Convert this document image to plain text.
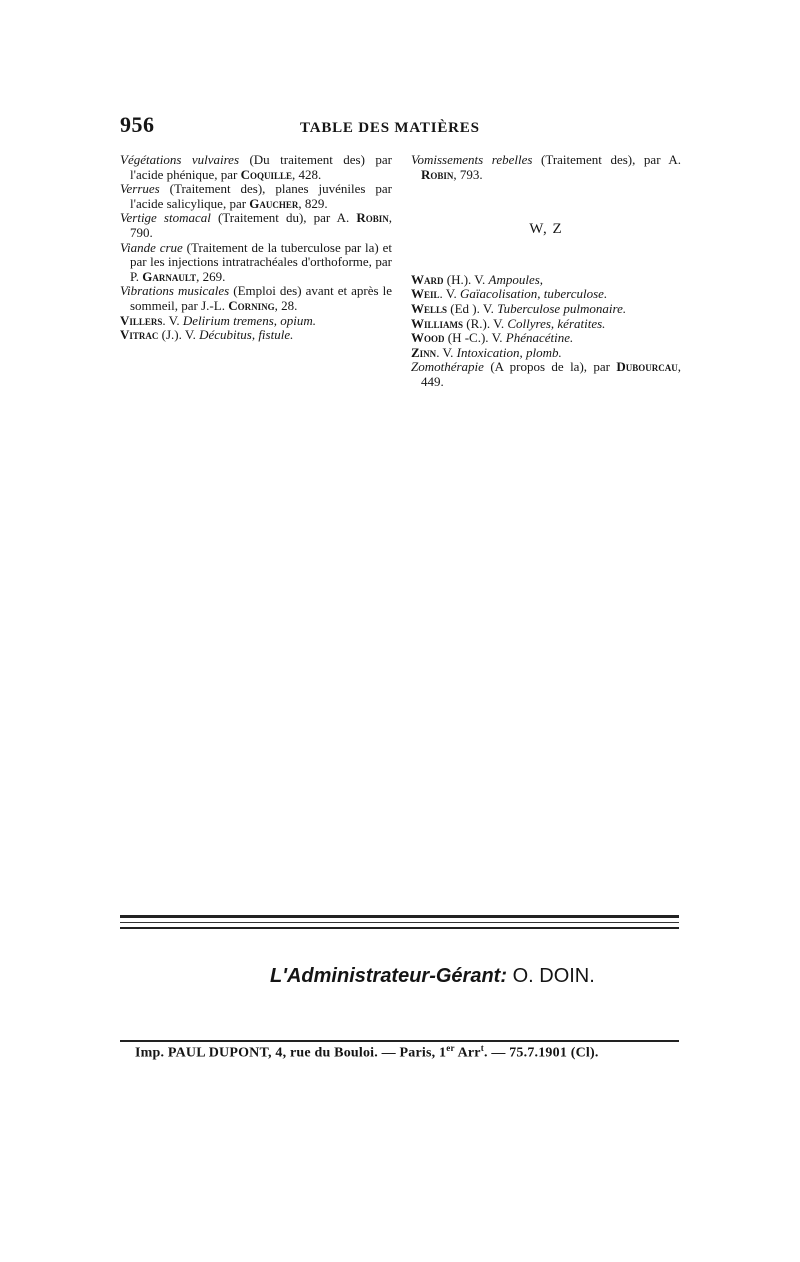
956	TABLE DES MATIÈRES

Végétations vulvaires (Du traitement des) par l'acide phénique, par Coquille, 428.

Verrues (Traitement des), planes juvéniles par l'acide salicylique, par Gaucher, 829.

Vertige stomacal (Traitement du), par A. Robin, 790.

Viande crue (Traitement de la tuberculose par la) et par les injections intratrachéales d'orthoforme, par P. Garnault, 269.

Vibrations musicales (Emploi des) avant et après le sommeil, par J.-L. Corning, 28.

Villers. V. Delirium tremens, opium.

Vitrac (J.). V. Décubitus, fistule.

Vomissements rebelles (Traitement des), par A. Robin, 793.

W, Z

Ward (H.). V. Ampoules,

Weil. V. Gaïacolisation, tuberculose.

Wells (Ed ). V. Tuberculose pulmonaire.

Williams (R.). V. Collyres, kératites.

Wood (H -C.). V. Phénacétine.

Zinn. V. Intoxication, plomb.

Zomothérapie (A propos de la), par Dubourcau, 449.

L'Administrateur-Gérant: O. DOIN.
Imp. PAUL DUPONT, 4, rue du Bouloi. — Paris, 1er Arr$^t$. — 75.7.1901 (Cl).
